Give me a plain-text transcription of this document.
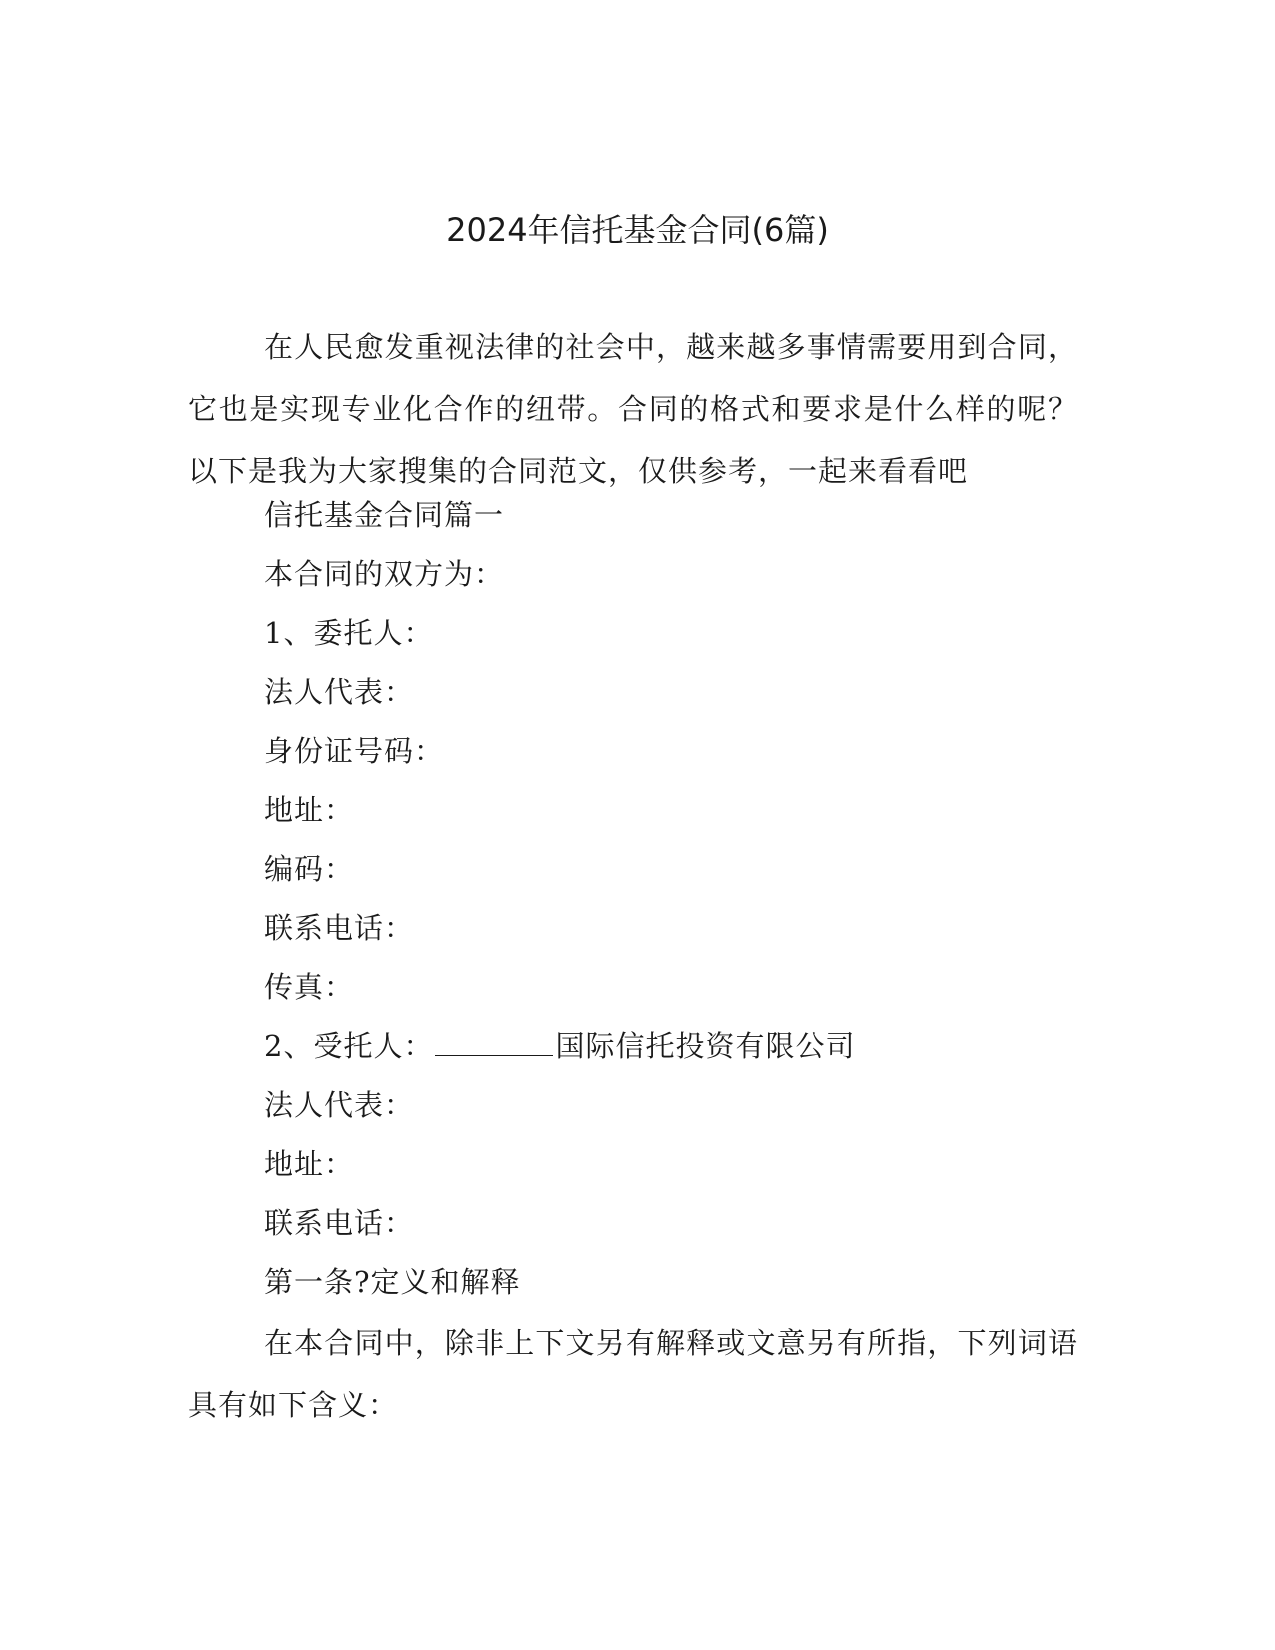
2024年信托基金合同(6篇)

在人民愈发重视法律的社会中，越来越多事情需要用到合同，它也是实现专业化合作的纽带。合同的格式和要求是什么样的呢？以下是我为大家搜集的合同范文，仅供参考，一起来看看吧

信托基金合同篇一
本合同的双方为：
1、委托人：
法人代表：
身份证号码：
地址：
编码：
联系电话：
传真：
2、受托人：	国际信托投资有限公司
法人代表：
地址：
联系电话：
第一条?定义和解释

在本合同中，除非上下文另有解释或文意另有所指，下列词语具有如下含义：
